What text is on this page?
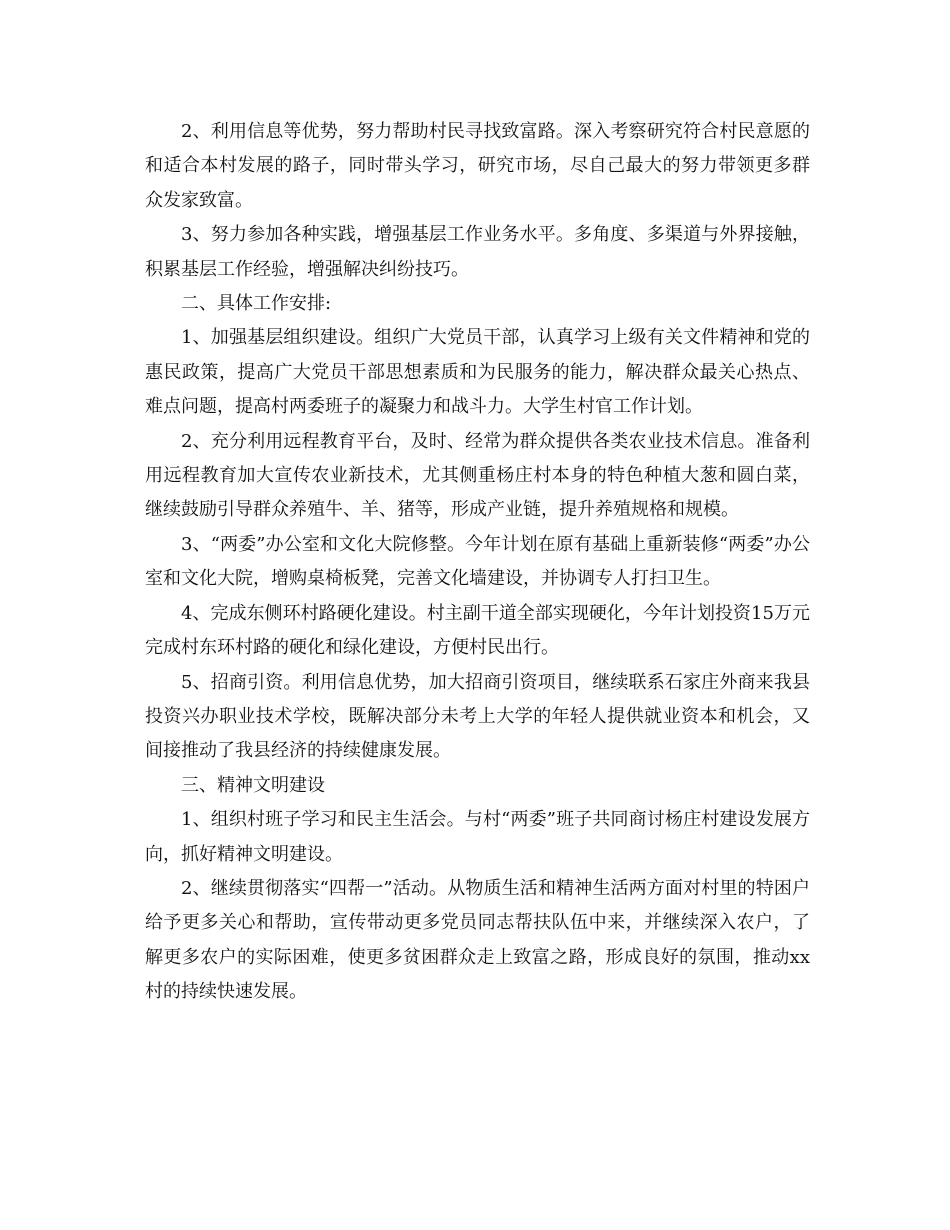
2、利用信息等优势，努力帮助村民寻找致富路。深入考察研究符合村民意愿的和适合本村发展的路子，同时带头学习，研究市场，尽自己最大的努力带领更多群众发家致富。

3、努力参加各种实践，增强基层工作业务水平。多角度、多渠道与外界接触，积累基层工作经验，增强解决纠纷技巧。

二、具体工作安排:

1、加强基层组织建设。组织广大党员干部，认真学习上级有关文件精神和党的惠民政策，提高广大党员干部思想素质和为民服务的能力，解决群众最关心热点、难点问题，提高村两委班子的凝聚力和战斗力。大学生村官工作计划。

2、充分利用远程教育平台，及时、经常为群众提供各类农业技术信息。准备利用远程教育加大宣传农业新技术，尤其侧重杨庄村本身的特色种植大葱和圆白菜，继续鼓励引导群众养殖牛、羊、猪等，形成产业链，提升养殖规格和规模。

3、“两委”办公室和文化大院修整。今年计划在原有基础上重新装修“两委”办公室和文化大院，增购桌椅板凳，完善文化墙建设，并协调专人打扫卫生。

4、完成东侧环村路硬化建设。村主副干道全部实现硬化，今年计划投资15万元完成村东环村路的硬化和绿化建设，方便村民出行。

5、招商引资。利用信息优势，加大招商引资项目，继续联系石家庄外商来我县投资兴办职业技术学校，既解决部分未考上大学的年轻人提供就业资本和机会，又间接推动了我县经济的持续健康发展。

三、精神文明建设

1、组织村班子学习和民主生活会。与村“两委”班子共同商讨杨庄村建设发展方向，抓好精神文明建设。

2、继续贯彻落实“四帮一”活动。从物质生活和精神生活两方面对村里的特困户给予更多关心和帮助，宣传带动更多党员同志帮扶队伍中来，并继续深入农户，了解更多农户的实际困难，使更多贫困群众走上致富之路，形成良好的氛围，推动xx村的持续快速发展。
